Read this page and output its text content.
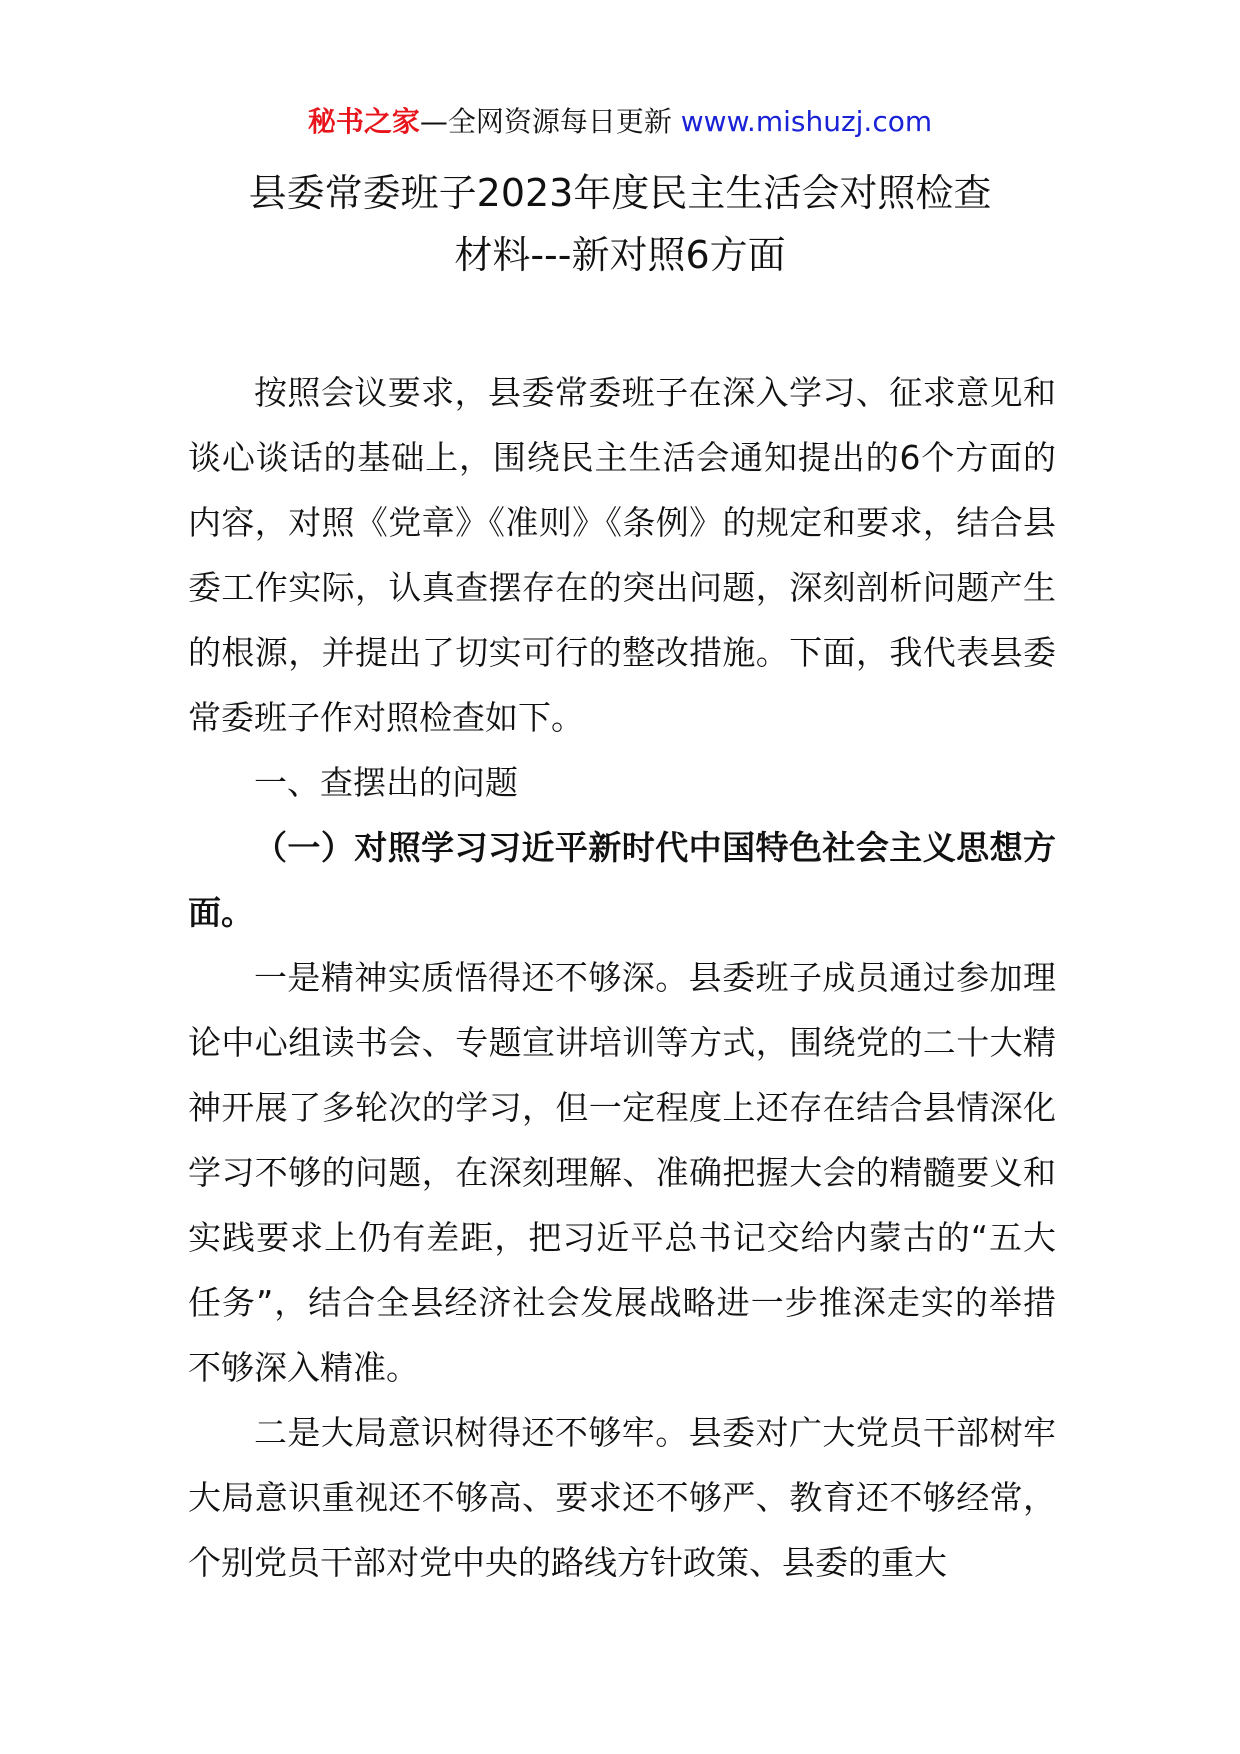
秘书之家—全网资源每日更新 www.mishuzj.com
县委常委班子2023年度民主生活会对照检查
材料---新对照6方面

按照会议要求，县委常委班子在深入学习、征求意见和谈心谈话的基础上，围绕民主生活会通知提出的6个方面的内容，对照《党章》《准则》《条例》的规定和要求，结合县委工作实际，认真查摆存在的突出问题，深刻剖析问题产生的根源，并提出了切实可行的整改措施。下面，我代表县委常委班子作对照检查如下。

一、查摆出的问题

（一）对照学习习近平新时代中国特色社会主义思想方面。

一是精神实质悟得还不够深。县委班子成员通过参加理论中心组读书会、专题宣讲培训等方式，围绕党的二十大精神开展了多轮次的学习，但一定程度上还存在结合县情深化学习不够的问题，在深刻理解、准确把握大会的精髓要义和实践要求上仍有差距，把习近平总书记交给内蒙古的“五大任务”，结合全县经济社会发展战略进一步推深走实的举措不够深入精准。

二是大局意识树得还不够牢。县委对广大党员干部树牢大局意识重视还不够高、要求还不够严、教育还不够经常，个别党员干部对党中央的路线方针政策、县委的重大
